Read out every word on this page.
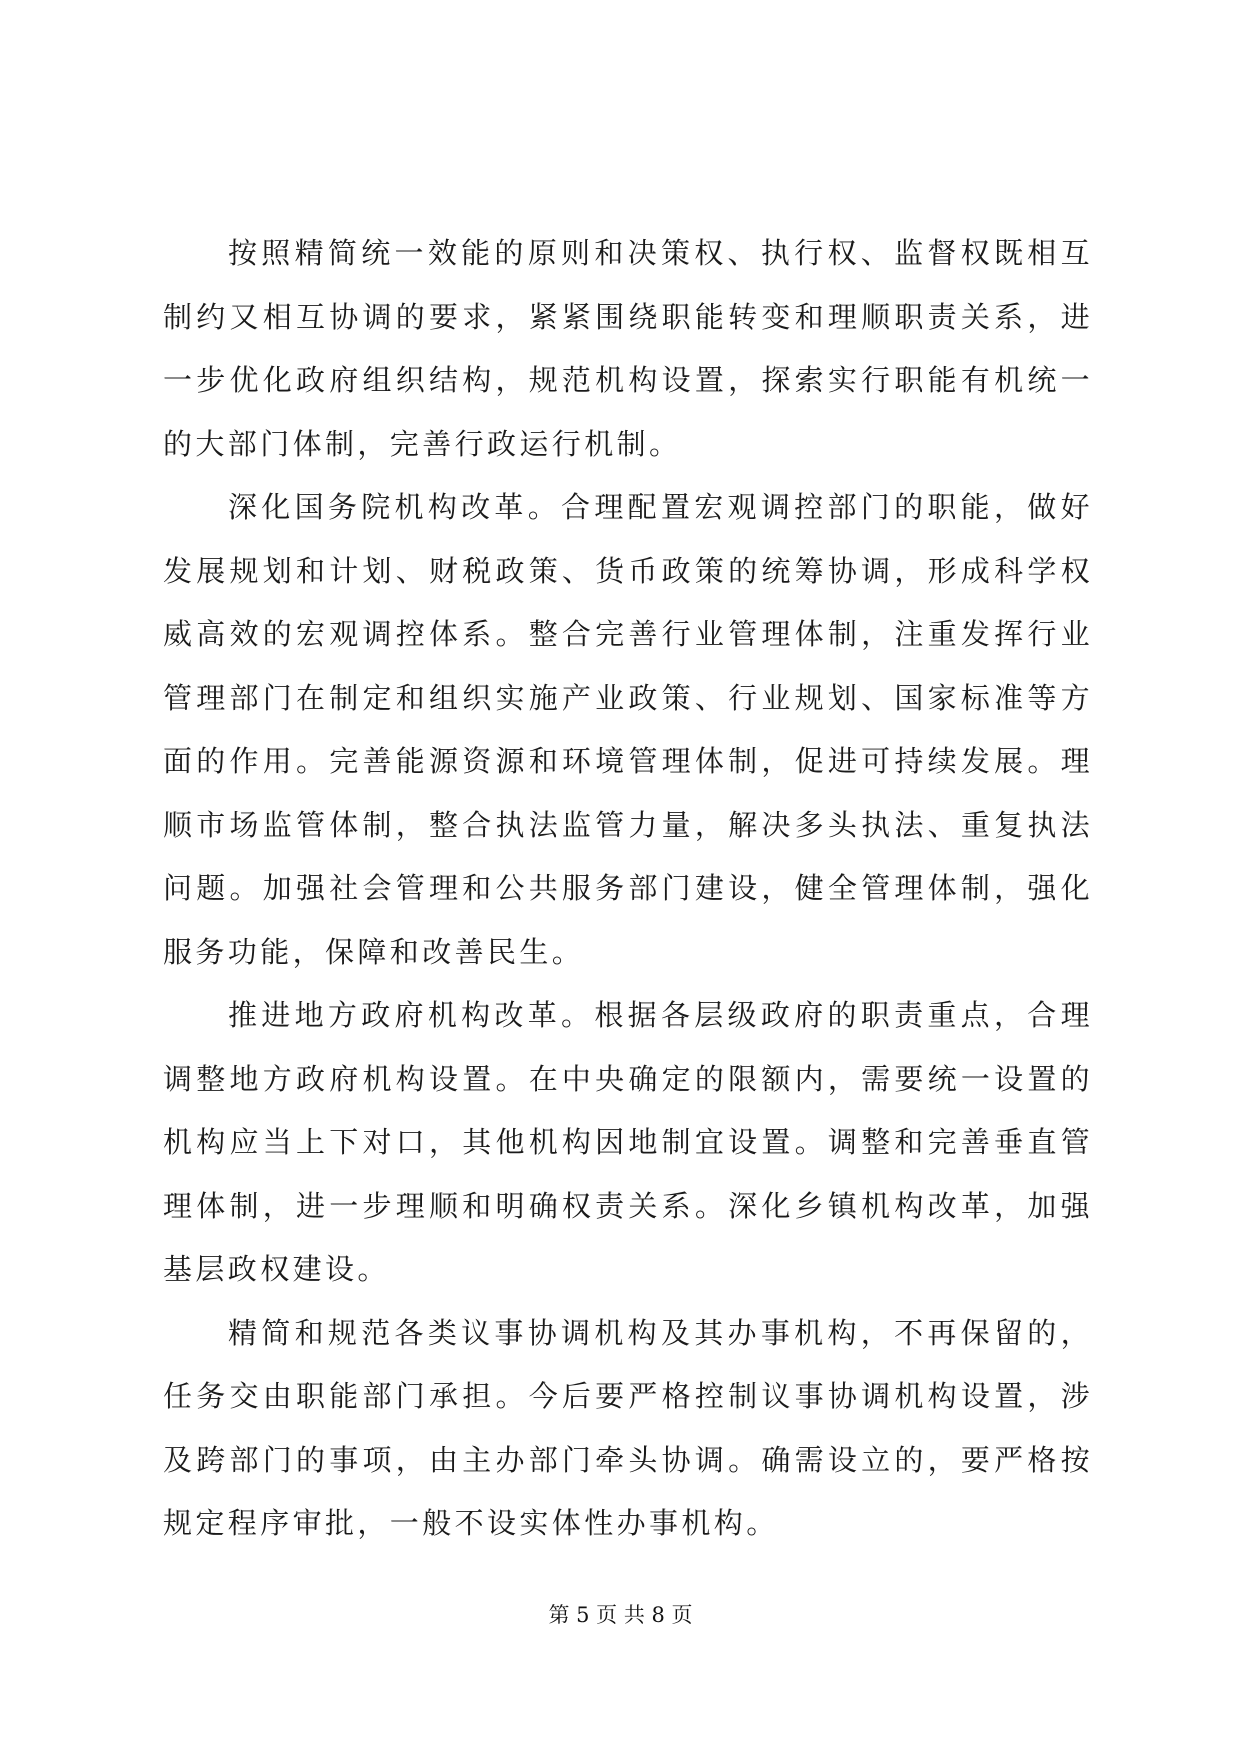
按照精简统一效能的原则和决策权、执行权、监督权既相互制约又相互协调的要求，紧紧围绕职能转变和理顺职责关系，进一步优化政府组织结构，规范机构设置，探索实行职能有机统一的大部门体制，完善行政运行机制。

深化国务院机构改革。合理配置宏观调控部门的职能，做好发展规划和计划、财税政策、货币政策的统筹协调，形成科学权威高效的宏观调控体系。整合完善行业管理体制，注重发挥行业管理部门在制定和组织实施产业政策、行业规划、国家标准等方面的作用。完善能源资源和环境管理体制，促进可持续发展。理顺市场监管体制，整合执法监管力量，解决多头执法、重复执法问题。加强社会管理和公共服务部门建设，健全管理体制，强化服务功能，保障和改善民生。

推进地方政府机构改革。根据各层级政府的职责重点，合理调整地方政府机构设置。在中央确定的限额内，需要统一设置的机构应当上下对口，其他机构因地制宜设置。调整和完善垂直管理体制，进一步理顺和明确权责关系。深化乡镇机构改革，加强基层政权建设。

精简和规范各类议事协调机构及其办事机构，不再保留的，任务交由职能部门承担。今后要严格控制议事协调机构设置，涉及跨部门的事项，由主办部门牵头协调。确需设立的，要严格按规定程序审批，一般不设实体性办事机构。

第 5 页 共 8 页
